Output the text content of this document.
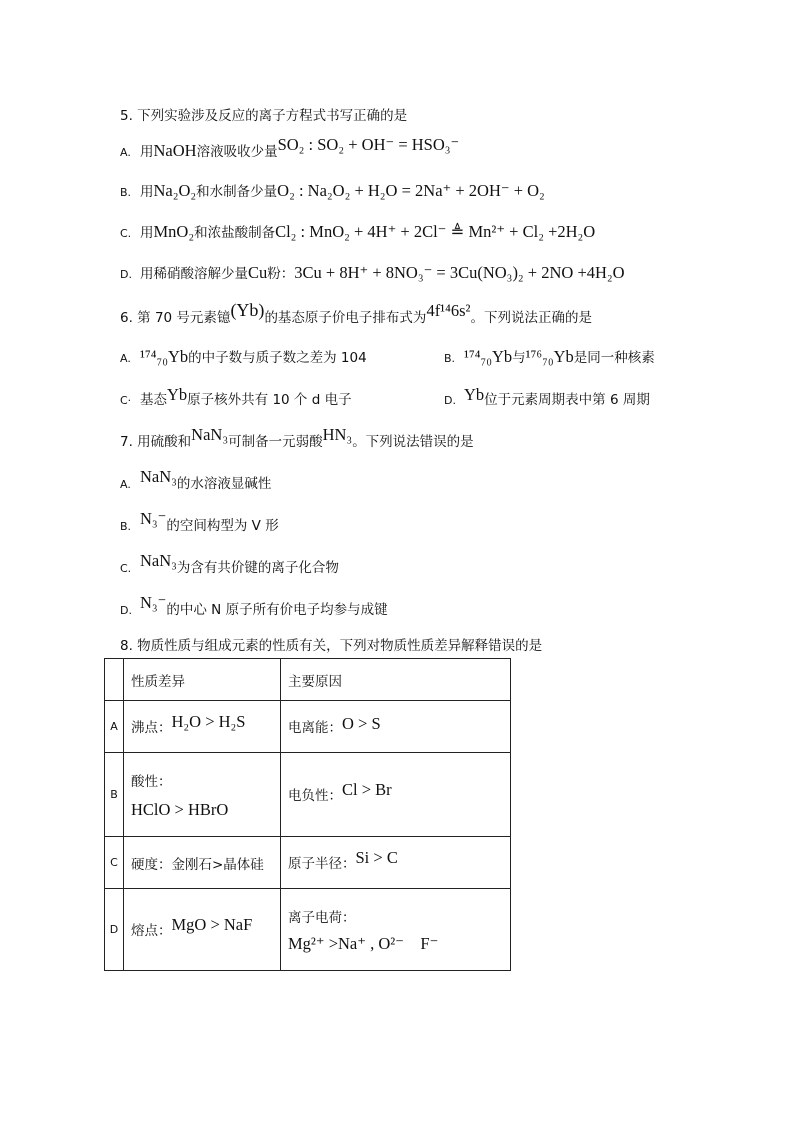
5. 下列实验涉及反应的离子方程式书写正确的是
A. 用NaOH溶液吸收少量SO₂ : SO₂ + OH⁻ = HSO₃⁻
B. 用Na₂O₂和水制备少量O₂ : Na₂O₂ + H₂O = 2Na⁺ + 2OH⁻ + O₂
C. 用MnO₂和浓盐酸制备Cl₂ : MnO₂ + 4H⁺ + 2Cl⁻ ≜ Mn²⁺ + Cl₂ +2H₂O
D. 用稀硝酸溶解少量Cu粉：3Cu + 8H⁺ + 8NO₃⁻ = 3Cu(NO₃)₂ + 2NO +4H₂O
6. 第 70 号元素镱(Yb)的基态原子价电子排布式为4f¹⁴6s²。下列说法正确的是
A. ¹⁷⁴₇₀Yb的中子数与质子数之差为 104	B. ¹⁷⁴₇₀Yb与¹⁷⁶₇₀Yb是同一种核素
C· 基态Yb原子核外共有 10 个 d 电子	D. Yb位于元素周期表中第 6 周期
7. 用硫酸和NaN₃可制备一元弱酸HN₃。下列说法错误的是
A. NaN₃的水溶液显碱性
B. N₃⁻的空间构型为 V 形
C. NaN₃为含有共价键的离子化合物
D. N₃⁻的中心 N 原子所有价电子均参与成键
8. 物质性质与组成元素的性质有关，下列对物质性质差异解释错误的是
	性质差异	主要原因
A	沸点：H₂O > H₂S	电离能：O > S
B	酸性：
HClO > HBrO	电负性：Cl > Br
C	硬度：金刚石>晶体硅	原子半径：Si > C
D	熔点：MgO > NaF	离子电荷：
Mg²⁺ >Na⁺ , O²⁻    F⁻
